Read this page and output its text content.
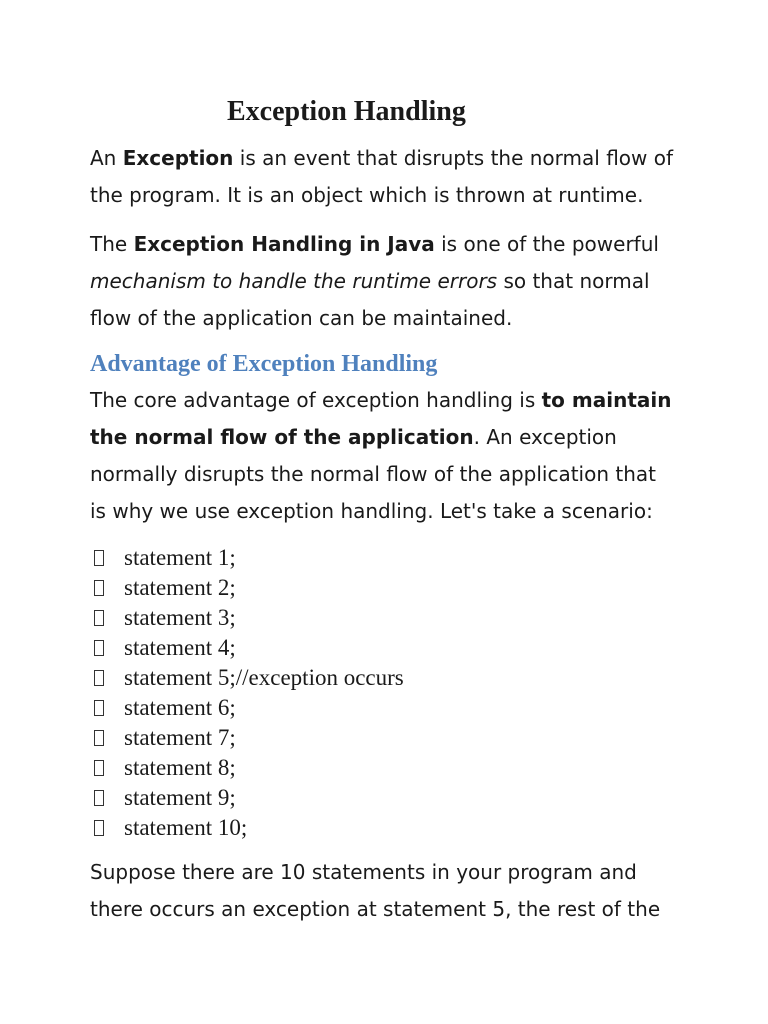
Exception Handling
An Exception is an event that disrupts the normal flow of
the program. It is an object which is thrown at runtime.
The Exception Handling in Java is one of the powerful
mechanism to handle the runtime errors so that normal
flow of the application can be maintained.
Advantage of Exception Handling
The core advantage of exception handling is to maintain
the normal flow of the application. An exception
normally disrupts the normal flow of the application that
is why we use exception handling. Let's take a scenario:
statement 1;
statement 2;
statement 3;
statement 4;
statement 5;//exception occurs
statement 6;
statement 7;
statement 8;
statement 9;
statement 10;
Suppose there are 10 statements in your program and
there occurs an exception at statement 5, the rest of the
